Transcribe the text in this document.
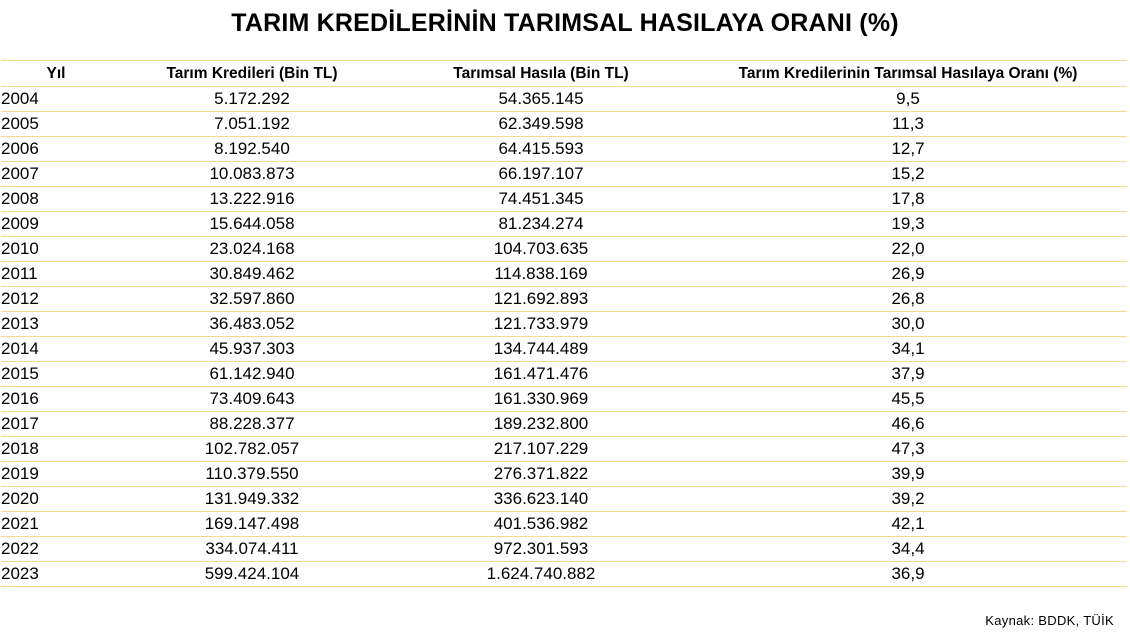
TARIM KREDİLERİNİN TARIMSAL HASILAYA ORANI (%)
Yıl	Tarım Kredileri (Bin TL)	Tarımsal Hasıla (Bin TL)	Tarım Kredilerinin Tarımsal Hasılaya Oranı (%)
2004	5.172.292	54.365.145	9,5
2005	7.051.192	62.349.598	11,3
2006	8.192.540	64.415.593	12,7
2007	10.083.873	66.197.107	15,2
2008	13.222.916	74.451.345	17,8
2009	15.644.058	81.234.274	19,3
2010	23.024.168	104.703.635	22,0
2011	30.849.462	114.838.169	26,9
2012	32.597.860	121.692.893	26,8
2013	36.483.052	121.733.979	30,0
2014	45.937.303	134.744.489	34,1
2015	61.142.940	161.471.476	37,9
2016	73.409.643	161.330.969	45,5
2017	88.228.377	189.232.800	46,6
2018	102.782.057	217.107.229	47,3
2019	110.379.550	276.371.822	39,9
2020	131.949.332	336.623.140	39,2
2021	169.147.498	401.536.982	42,1
2022	334.074.411	972.301.593	34,4
2023	599.424.104	1.624.740.882	36,9
Kaynak: BDDK, TÜİK
